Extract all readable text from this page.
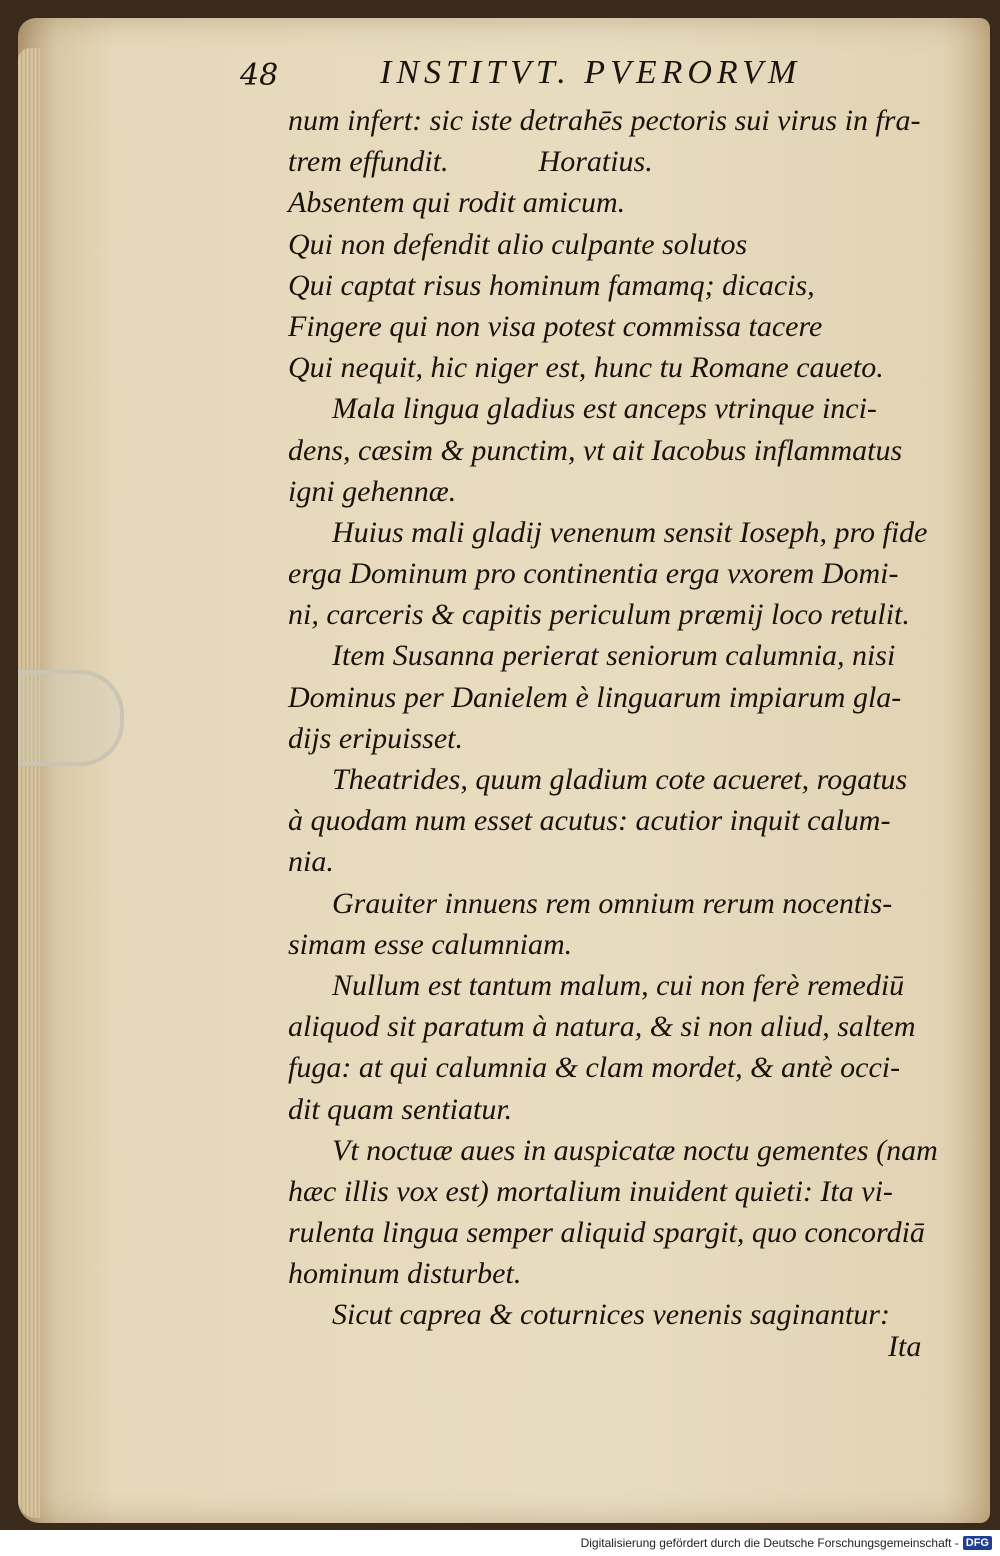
48	INSTITVT. PVERORVM
num infert: sic iste detrahēs pectoris sui virus in fra-
trem effundit.	Horatius.
Absentem qui rodit amicum.
Qui non defendit alio culpante solutos
Qui captat risus hominum famamq; dicacis,
Fingere qui non visa potest commissa tacere
Qui nequit, hic niger est, hunc tu Romane caueto.
Mala lingua gladius est anceps vtrinque inci-
dens, cæsim & punctim, vt ait Iacobus inflammatus
igni gehennæ.
Huius mali gladij venenum sensit Ioseph, pro fide
erga Dominum pro continentia erga vxorem Domi-
ni, carceris & capitis periculum præmij loco retulit.
Item Susanna perierat seniorum calumnia, nisi
Dominus per Danielem è linguarum impiarum gla-
dijs eripuisset.
Theatrides, quum gladium cote acueret, rogatus
à quodam num esset acutus: acutior inquit calum-
nia.
Grauiter innuens rem omnium rerum nocentis-
simam esse calumniam.
Nullum est tantum malum, cui non ferè remediū
aliquod sit paratum à natura, & si non aliud, saltem
fuga: at qui calumnia & clam mordet, & antè occi-
dit quam sentiatur.
Vt noctuæ aues in auspicatæ noctu gementes (nam
hæc illis vox est) mortalium inuident quieti: Ita vi-
rulenta lingua semper aliquid spargit, quo concordiā
hominum disturbet.
Sicut caprea & coturnices venenis saginantur:
Ita
Digitalisierung gefördert durch die Deutsche Forschungsgemeinschaft - DFG
